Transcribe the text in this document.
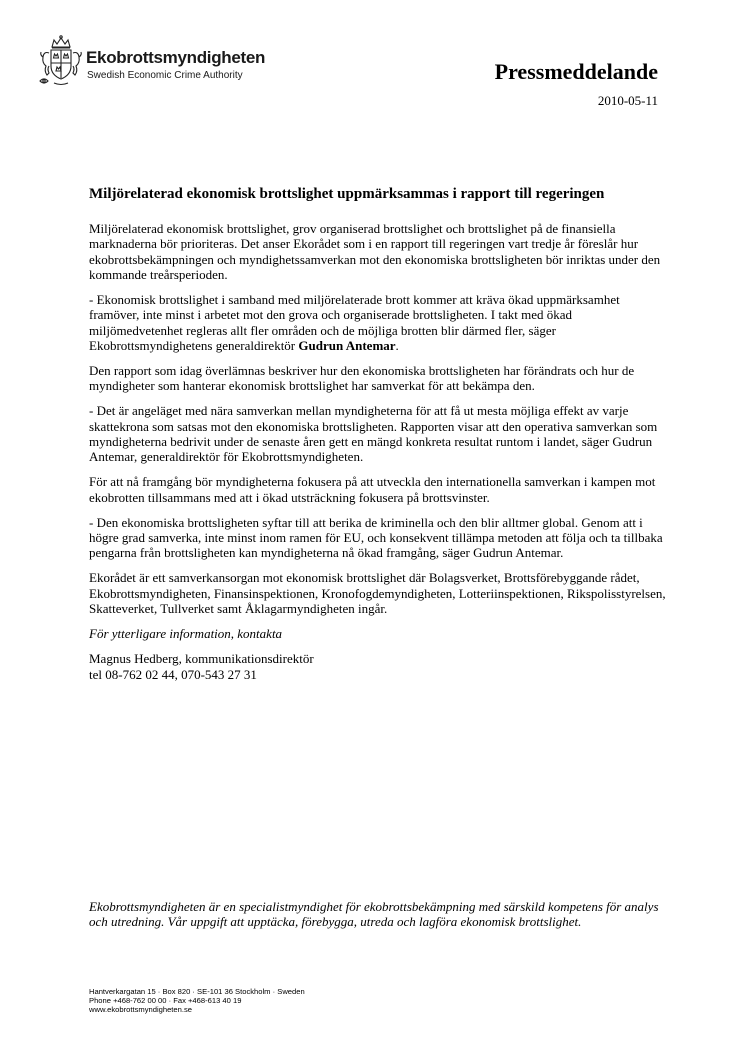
Ekobrottsmyndigheten
Swedish Economic Crime Authority	Pressmeddelande
2010-05-11
Miljörelaterad ekonomisk brottslighet uppmärksammas i rapport till regeringen

Miljörelaterad ekonomisk brottslighet, grov organiserad brottslighet och brottslighet på de finansiella marknaderna bör prioriteras. Det anser Ekorådet som i en rapport till regeringen vart tredje år föreslår hur ekobrottsbekämpningen och myndighetssamverkan mot den ekonomiska brottsligheten bör inriktas under den kommande treårsperioden.

- Ekonomisk brottslighet i samband med miljörelaterade brott kommer att kräva ökad uppmärksamhet framöver, inte minst i arbetet mot den grova och organiserade brottsligheten. I takt med ökad miljömedvetenhet regleras allt fler områden och de möjliga brotten blir därmed fler, säger Ekobrottsmyndighetens generaldirektör Gudrun Antemar.

Den rapport som idag överlämnas beskriver hur den ekonomiska brottsligheten har förändrats och hur de myndigheter som hanterar ekonomisk brottslighet har samverkat för att bekämpa den.

- Det är angeläget med nära samverkan mellan myndigheterna för att få ut mesta möjliga effekt av varje skattekrona som satsas mot den ekonomiska brottsligheten. Rapporten visar att den operativa samverkan som myndigheterna bedrivit under de senaste åren gett en mängd konkreta resultat runtom i landet, säger Gudrun Antemar, generaldirektör för Ekobrottsmyndigheten.

För att nå framgång bör myndigheterna fokusera på att utveckla den internationella samverkan i kampen mot ekobrotten tillsammans med att i ökad utsträckning fokusera på brottsvinster.

- Den ekonomiska brottsligheten syftar till att berika de kriminella och den blir alltmer global. Genom att i högre grad samverka, inte minst inom ramen för EU, och konsekvent tillämpa metoden att följa och ta tillbaka pengarna från brottsligheten kan myndigheterna nå ökad framgång, säger Gudrun Antemar.

Ekorådet är ett samverkansorgan mot ekonomisk brottslighet där Bolagsverket, Brottsförebyggande rådet, Ekobrottsmyndigheten, Finansinspektionen, Kronofogdemyndigheten, Lotteriinspektionen, Rikspolisstyrelsen, Skatteverket, Tullverket samt Åklagarmyndigheten ingår.

För ytterligare information, kontakta

Magnus Hedberg, kommunikationsdirektör
tel 08-762 02 44, 070-543 27 31

Ekobrottsmyndigheten är en specialistmyndighet för ekobrottsbekämpning med särskild kompetens för analys och utredning. Vår uppgift att upptäcka, förebygga, utreda och lagföra ekonomisk brottslighet.
Hantverkargatan 15 · Box 820 · SE-101 36 Stockholm · Sweden
Phone +468-762 00 00 · Fax +468-613 40 19
www.ekobrottsmyndigheten.se
